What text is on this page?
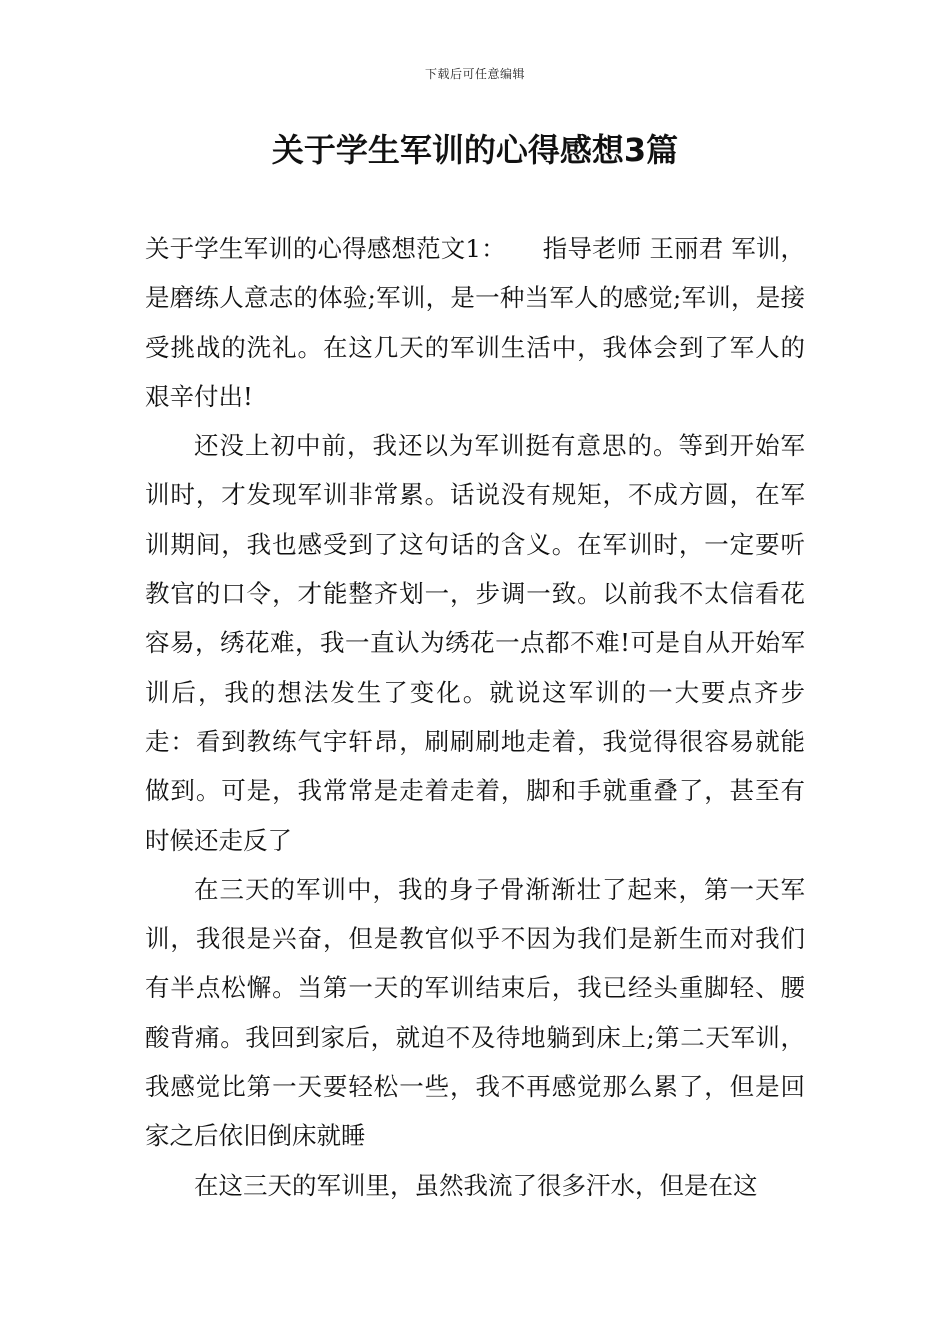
下载后可任意编辑
关于学生军训的心得感想3篇

关于学生军训的心得感想范文1：　　指导老师 王丽君 军训，是磨练人意志的体验;军训，是一种当军人的感觉;军训，是接受挑战的洗礼。在这几天的军训生活中，我体会到了军人的艰辛付出!

还没上初中前，我还以为军训挺有意思的。等到开始军训时，才发现军训非常累。话说没有规矩，不成方圆，在军训期间，我也感受到了这句话的含义。在军训时，一定要听教官的口令，才能整齐划一，步调一致。以前我不太信看花容易，绣花难，我一直认为绣花一点都不难!可是自从开始军训后，我的想法发生了变化。就说这军训的一大要点齐步走：看到教练气宇轩昂，刷刷刷地走着，我觉得很容易就能做到。可是，我常常是走着走着，脚和手就重叠了，甚至有时候还走反了

在三天的军训中，我的身子骨渐渐壮了起来，第一天军训，我很是兴奋，但是教官似乎不因为我们是新生而对我们有半点松懈。当第一天的军训结束后，我已经头重脚轻、腰酸背痛。我回到家后，就迫不及待地躺到床上;第二天军训，我感觉比第一天要轻松一些，我不再感觉那么累了，但是回家之后依旧倒床就睡

在这三天的军训里，虽然我流了很多汗水，但是在这
